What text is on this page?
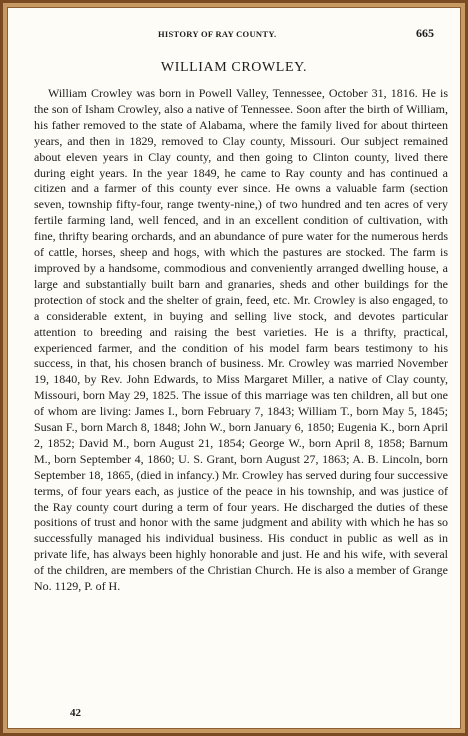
HISTORY OF RAY COUNTY.	665
WILLIAM CROWLEY.

William Crowley was born in Powell Valley, Tennessee, October 31, 1816. He is the son of Isham Crowley, also a native of Tennessee. Soon after the birth of William, his father removed to the state of Alabama, where the family lived for about thirteen years, and then in 1829, removed to Clay county, Missouri. Our subject remained about eleven years in Clay county, and then going to Clinton county, lived there during eight years. In the year 1849, he came to Ray county and has continued a citizen and a farmer of this county ever since. He owns a valuable farm (section seven, township fifty-four, range twenty-nine,) of two hundred and ten acres of very fertile farming land, well fenced, and in an excellent condition of cultivation, with fine, thrifty bearing orchards, and an abundance of pure water for the numerous herds of cattle, horses, sheep and hogs, with which the pastures are stocked. The farm is improved by a handsome, commodious and conveniently arranged dwelling house, a large and substantially built barn and granaries, sheds and other buildings for the protection of stock and the shelter of grain, feed, etc. Mr. Crowley is also engaged, to a considerable extent, in buying and selling live stock, and devotes particular attention to breeding and raising the best varieties. He is a thrifty, practical, experienced farmer, and the condition of his model farm bears testimony to his success, in that, his chosen branch of business. Mr. Crowley was married November 19, 1840, by Rev. John Edwards, to Miss Margaret Miller, a native of Clay county, Missouri, born May 29, 1825. The issue of this marriage was ten children, all but one of whom are living: James I., born February 7, 1843; William T., born May 5, 1845; Susan F., born March 8, 1848; John W., born January 6, 1850; Eugenia K., born April 2, 1852; David M., born August 21, 1854; George W., born April 8, 1858; Barnum M., born September 4, 1860; U. S. Grant, born August 27, 1863; A. B. Lincoln, born September 18, 1865, (died in infancy.) Mr. Crowley has served during four successive terms, of four years each, as justice of the peace in his township, and was justice of the Ray county court during a term of four years. He discharged the duties of these positions of trust and honor with the same judgment and ability with which he has so successfully managed his individual business. His conduct in public as well as in private life, has always been highly honorable and just. He and his wife, with several of the children, are members of the Christian Church. He is also a member of Grange No. 1129, P. of H.

42
